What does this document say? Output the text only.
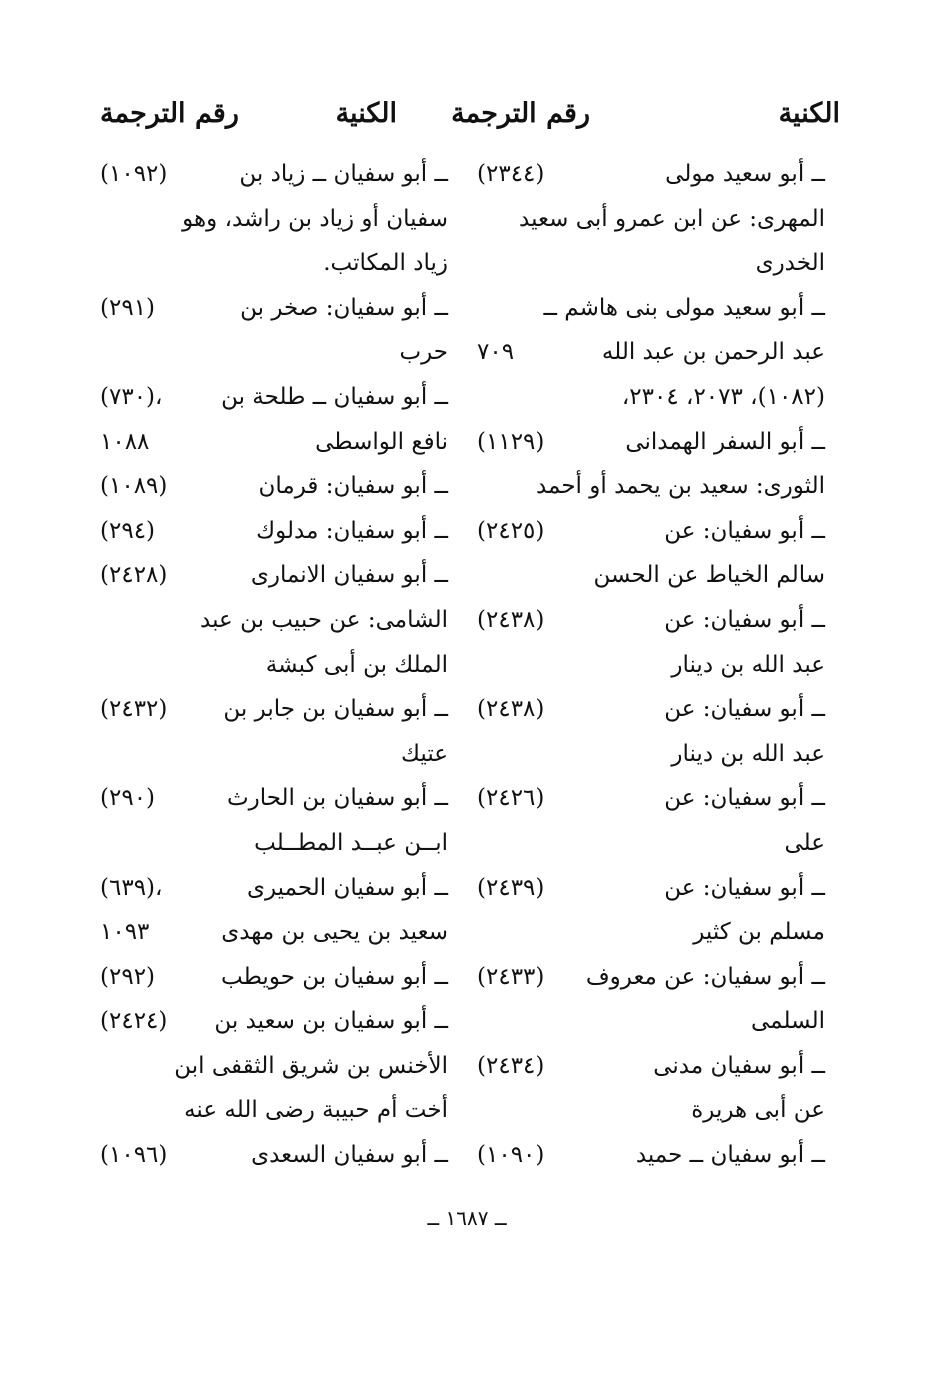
الكنية
رقم الترجمة
الكنية
رقم الترجمة
ــ أبو سعيد مولى
(٢٣٤٤)
المهرى: عن ابن عمرو أبى سعيد
الخدرى
ــ أبو سعيد مولى بنى هاشم ــ
عبد الرحمن بن عبد الله
٧٠٩
(١٠٨٢)، ٢٠٧٣، ٢٣٠٤،
ــ أبو السفر الهمدانى
(١١٢٩)
الثورى: سعيد بن يحمد أو أحمد
ــ أبو سفيان: عن
(٢٤٢٥)
سالم الخياط عن الحسن
ــ أبو سفيان: عن
(٢٤٣٨)
عبد الله بن دينار
ــ أبو سفيان: عن
(٢٤٣٨)
عبد الله بن دينار
ــ أبو سفيان: عن
(٢٤٢٦)
على
ــ أبو سفيان: عن
(٢٤٣٩)
مسلم بن كثير
ــ أبو سفيان: عن معروف
(٢٤٣٣)
السلمى
ــ أبو سفيان مدنى
(٢٤٣٤)
عن أبى هريرة
ــ أبو سفيان ــ حميد
(١٠٩٠)
ــ أبو سفيان ــ زياد بن
(١٠٩٢)
سفيان أو زياد بن راشد، وهو
زياد المكاتب.
ــ أبو سفيان: صخر بن
(٢٩١)
حرب
ــ أبو سفيان ــ طلحة بن
(٧٣٠)،
نافع الواسطى
١٠٨٨
ــ أبو سفيان: قرمان
(١٠٨٩)
ــ أبو سفيان: مدلوك
(٢٩٤)
ــ أبو سفيان الانمارى
(٢٤٢٨)
الشامى: عن حبيب بن عبد
الملك بن أبى كبشة
ــ أبو سفيان بن جابر بن
(٢٤٣٢)
عتيك
ــ أبو سفيان بن الحارث
(٢٩٠)
ابــن عبــد المطــلب
ــ أبو سفيان الحميرى
(٦٣٩)،
سعيد بن يحيى بن مهدى
١٠٩٣
ــ أبو سفيان بن حويطب
(٢٩٢)
ــ أبو سفيان بن سعيد بن
(٢٤٢٤)
الأخنس بن شريق الثقفى ابن
أخت أم حبيبة رضى الله عنه
ــ أبو سفيان السعدى
(١٠٩٦)
ــ ١٦٨٧ ــ
